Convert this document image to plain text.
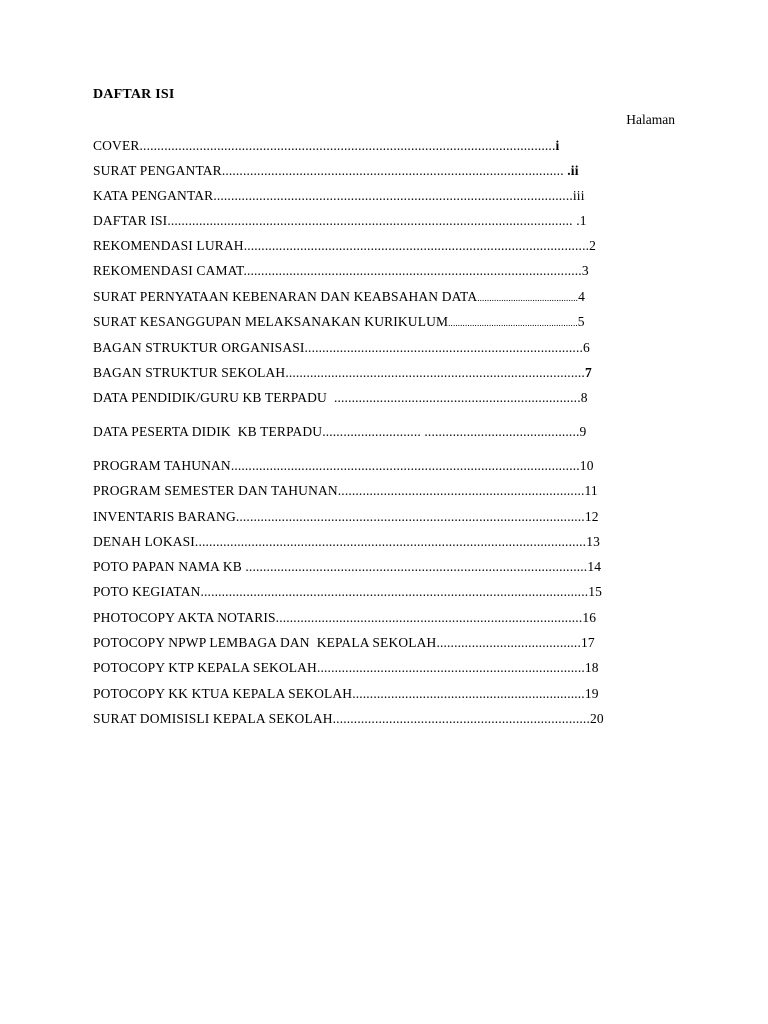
DAFTAR ISI
Halaman
COVER......................................................................................................................i
SURAT PENGANTAR................................................................................................. .ii
KATA PENGANTAR......................................................................................................iii
DAFTAR ISI................................................................................................................... .1
REKOMENDASI LURAH..................................................................................................2
REKOMENDASI CAMAT................................................................................................3
SURAT PERNYATAAN KEBENARAN DAN KEABSAHAN DATA..........................................4
SURAT KESANGGUPAN MELAKSANAKAN KURIKULUM......................................................5
BAGAN STRUKTUR ORGANISASI...............................................................................6
BAGAN STRUKTUR SEKOLAH.....................................................................................7
DATA PENDIDIK/GURU KB TERPADU  ......................................................................8
DATA PESERTA DIDIK  KB TERPADU............................ ............................................9
PROGRAM TAHUNAN...................................................................................................10
PROGRAM SEMESTER DAN TAHUNAN......................................................................11
INVENTARIS BARANG...................................................................................................12
DENAH LOKASI...............................................................................................................13
POTO PAPAN NAMA KB .................................................................................................14
POTO KEGIATAN..............................................................................................................15
PHOTOCOPY AKTA NOTARIS.......................................................................................16
POTOCOPY NPWP LEMBAGA DAN  KEPALA SEKOLAH.........................................17
POTOCOPY KTP KEPALA SEKOLAH............................................................................18
POTOCOPY KK KTUA KEPALA SEKOLAH..................................................................19
SURAT DOMISISLI KEPALA SEKOLAH.........................................................................20
